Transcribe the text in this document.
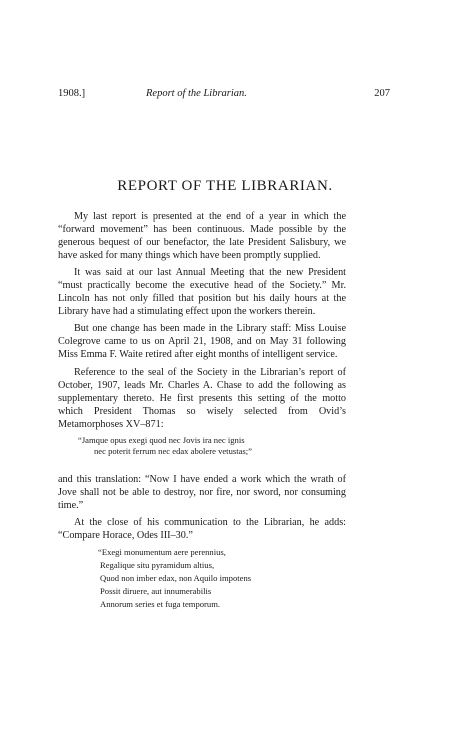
1908.]	Report of the Librarian.	207
REPORT OF THE LIBRARIAN.

My last report is presented at the end of a year in which the “forward movement” has been continuous. Made possible by the generous bequest of our benefactor, the late President Salisbury, we have asked for many things which have been promptly supplied.

It was said at our last Annual Meeting that the new President “must practically become the executive head of the Society.” Mr. Lincoln has not only filled that position but his daily hours at the Library have had a stimulating effect upon the workers therein.

But one change has been made in the Library staff: Miss Louise Colegrove came to us on April 21, 1908, and on May 31 following Miss Emma F. Waite retired after eight months of intelligent service.

Reference to the seal of the Society in the Librarian’s report of October, 1907, leads Mr. Charles A. Chase to add the following as supplementary thereto. He first presents this setting of the motto which President Thomas so wisely selected from Ovid’s Metamorphoses XV–871:

“Jamque opus exegi quod nec Jovis ira nec ignis
nec poterit ferrum nec edax abolere vetustas;”

and this translation: “Now I have ended a work which the wrath of Jove shall not be able to destroy, nor fire, nor sword, nor consuming time.”

At the close of his communication to the Librarian, he adds: “Compare Horace, Odes III–30.”

“Exegi monumentum aere perennius,
Regalique situ pyramidum altius,
Quod non imber edax, non Aquilo impotens
Possit diruere, aut innumerabilis
Annorum series et fuga temporum.
